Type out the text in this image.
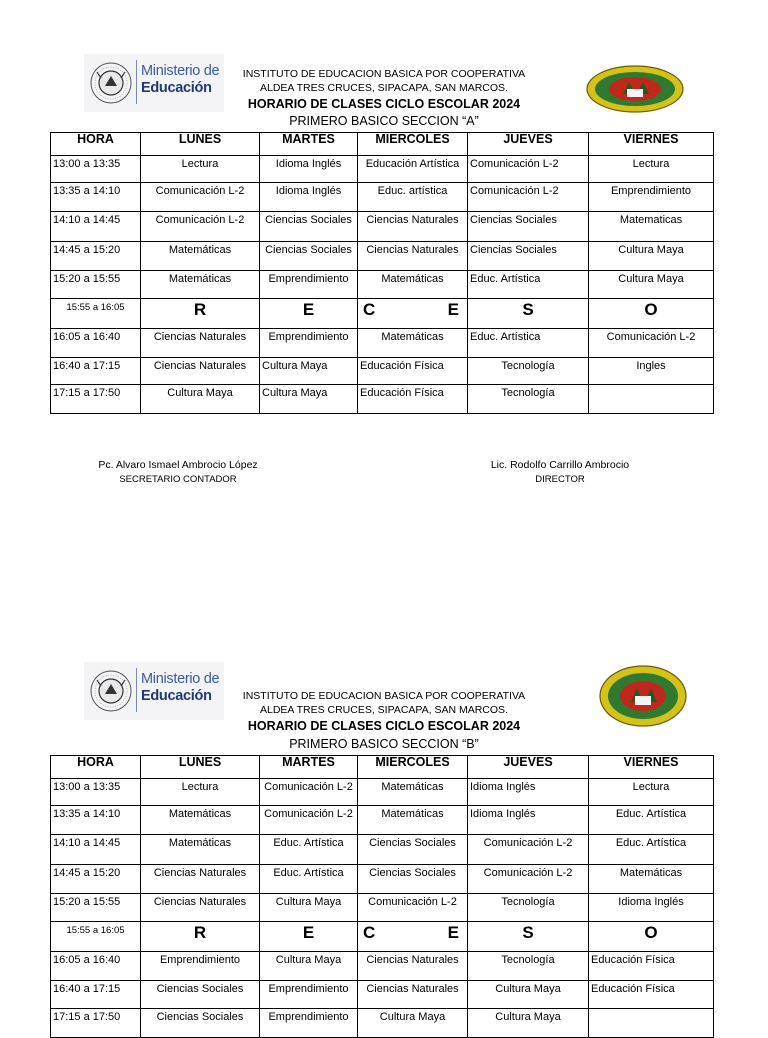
Ministerio de
Educación
INSTITUTO DE EDUCACION BASICA POR COOPERATIVA
ALDEA TRES CRUCES, SIPACAPA, SAN MARCOS.
HORARIO DE CLASES CICLO ESCOLAR 2024
PRIMERO BASICO SECCION “A”
HORA	LUNES	MARTES	MIERCOLES	JUEVES	VIERNES
13:00 a 13:35	Lectura	Idioma Inglés	Educación Artística	Comunicación L-2	Lectura
13:35 a 14:10	Comunicación L-2	Idioma Inglés	Educ. artística	Comunicación L-2	Emprendimiento
14:10 a 14:45	Comunicación L-2	Ciencias Sociales	Ciencias Naturales	Ciencias Sociales	Matematicas
14:45 a 15:20	Matemáticas	Ciencias Sociales	Ciencias Naturales	Ciencias Sociales	Cultura Maya
15:20 a 15:55	Matemáticas	Emprendimiento	Matemáticas	Educ. Artística	Cultura Maya
15:55 a 16:05	R	E	C E	S	O
16:05 a 16:40	Ciencias Naturales	Emprendimiento	Matemáticas	Educ. Artística	Comunicación L-2
16:40 a 17:15	Ciencias Naturales	Cultura Maya	Educación Física	Tecnología	Ingles
17:15 a 17:50	Cultura Maya	Cultura Maya	Educación Física	Tecnología	
Pc. Alvaro Ismael Ambrocio López
SECRETARIO CONTADOR
Lic. Rodolfo Carrillo Ambrocio
DIRECTOR
Ministerio de
Educación	INSTITUTO DE EDUCACION BASICA POR COOPERATIVA
ALDEA TRES CRUCES, SIPACAPA, SAN MARCOS.
HORARIO DE CLASES CICLO ESCOLAR 2024
PRIMERO BASICO SECCION “B”
HORA	LUNES	MARTES	MIERCOLES	JUEVES	VIERNES
13:00 a 13:35	Lectura	Comunicación L-2	Matemáticas	Idioma Inglés	Lectura
13:35 a 14:10	Matemáticas	Comunicación L-2	Matemáticas	Idioma Inglés	Educ. Artística
14:10 a 14:45	Matemáticas	Educ. Artística	Ciencias Sociales	Comunicación L-2	Educ. Artística
14:45 a 15:20	Ciencias Naturales	Educ. Artística	Ciencias Sociales	Comunicación L-2	Matemáticas
15:20 a 15:55	Ciencias Naturales	Cultura Maya	Comunicación L-2	Tecnología	Idioma Inglés
15:55 a 16:05	R	E	C E	S	O
16:05 a 16:40	Emprendimiento	Cultura Maya	Ciencias Naturales	Tecnología	Educación Física
16:40 a 17:15	Ciencias Sociales	Emprendimiento	Ciencias Naturales	Cultura Maya	Educación Física
17:15 a 17:50	Ciencias Sociales	Emprendimiento	Cultura Maya	Cultura Maya	
